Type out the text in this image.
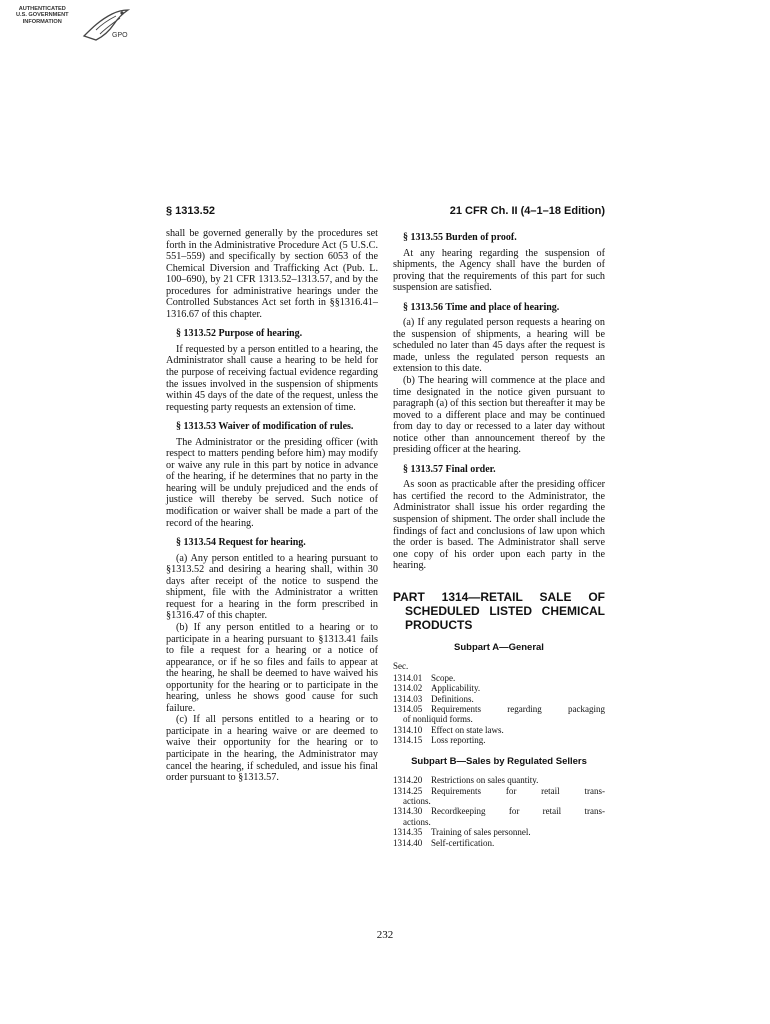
AUTHENTICATED
U.S. GOVERNMENT
INFORMATION
GPO
§ 1313.52	21 CFR Ch. II (4–1–18 Edition)

shall be governed generally by the procedures set forth in the Administrative Procedure Act (5 U.S.C. 551–559) and specifically by section 6053 of the Chemical Diversion and Trafficking Act (Pub. L. 100–690), by 21 CFR 1313.52–1313.57, and by the procedures for administrative hearings under the Controlled Substances Act set forth in §§1316.41–1316.67 of this chapter.

§ 1313.52 Purpose of hearing.

If requested by a person entitled to a hearing, the Administrator shall cause a hearing to be held for the purpose of receiving factual evidence regarding the issues involved in the suspension of shipments within 45 days of the date of the request, unless the requesting party requests an extension of time.

§ 1313.53 Waiver of modification of rules.

The Administrator or the presiding officer (with respect to matters pending before him) may modify or waive any rule in this part by notice in advance of the hearing, if he determines that no party in the hearing will be unduly prejudiced and the ends of justice will thereby be served. Such notice of modification or waiver shall be made a part of the record of the hearing.

§ 1313.54 Request for hearing.

(a) Any person entitled to a hearing pursuant to §1313.52 and desiring a hearing shall, within 30 days after receipt of the notice to suspend the shipment, file with the Administrator a written request for a hearing in the form prescribed in §1316.47 of this chapter.

(b) If any person entitled to a hearing or to participate in a hearing pursuant to §1313.41 fails to file a request for a hearing or a notice of appearance, or if he so files and fails to appear at the hearing, he shall be deemed to have waived his opportunity for the hearing or to participate in the hearing, unless he shows good cause for such failure.

(c) If all persons entitled to a hearing or to participate in a hearing waive or are deemed to waive their opportunity for the hearing or to participate in the hearing, the Administrator may cancel the hearing, if scheduled, and issue his final order pursuant to §1313.57.

§ 1313.55 Burden of proof.

At any hearing regarding the suspension of shipments, the Agency shall have the burden of proving that the requirements of this part for such suspension are satisfied.

§ 1313.56 Time and place of hearing.

(a) If any regulated person requests a hearing on the suspension of shipments, a hearing will be scheduled no later than 45 days after the request is made, unless the regulated person requests an extension to this date.

(b) The hearing will commence at the place and time designated in the notice given pursuant to paragraph (a) of this section but thereafter it may be moved to a different place and may be continued from day to day or recessed to a later day without notice other than announcement thereof by the presiding officer at the hearing.

§ 1313.57 Final order.

As soon as practicable after the presiding officer has certified the record to the Administrator, the Administrator shall issue his order regarding the suspension of shipment. The order shall include the findings of fact and conclusions of law upon which the order is based. The Administrator shall serve one copy of his order upon each party in the hearing.

PART 1314—RETAIL SALE OF SCHEDULED LISTED CHEMICAL PRODUCTS
Subpart A—General
Sec.
1314.01 Scope.
1314.02 Applicability.
1314.03 Definitions.
1314.05 Requirements regarding packaging
of nonliquid forms.
1314.10 Effect on state laws.
1314.15 Loss reporting.
Subpart B—Sales by Regulated Sellers
1314.20 Restrictions on sales quantity.
1314.25 Requirements for retail trans-
actions.
1314.30 Recordkeeping for retail trans-
actions.
1314.35 Training of sales personnel.
1314.40 Self-certification.
232
